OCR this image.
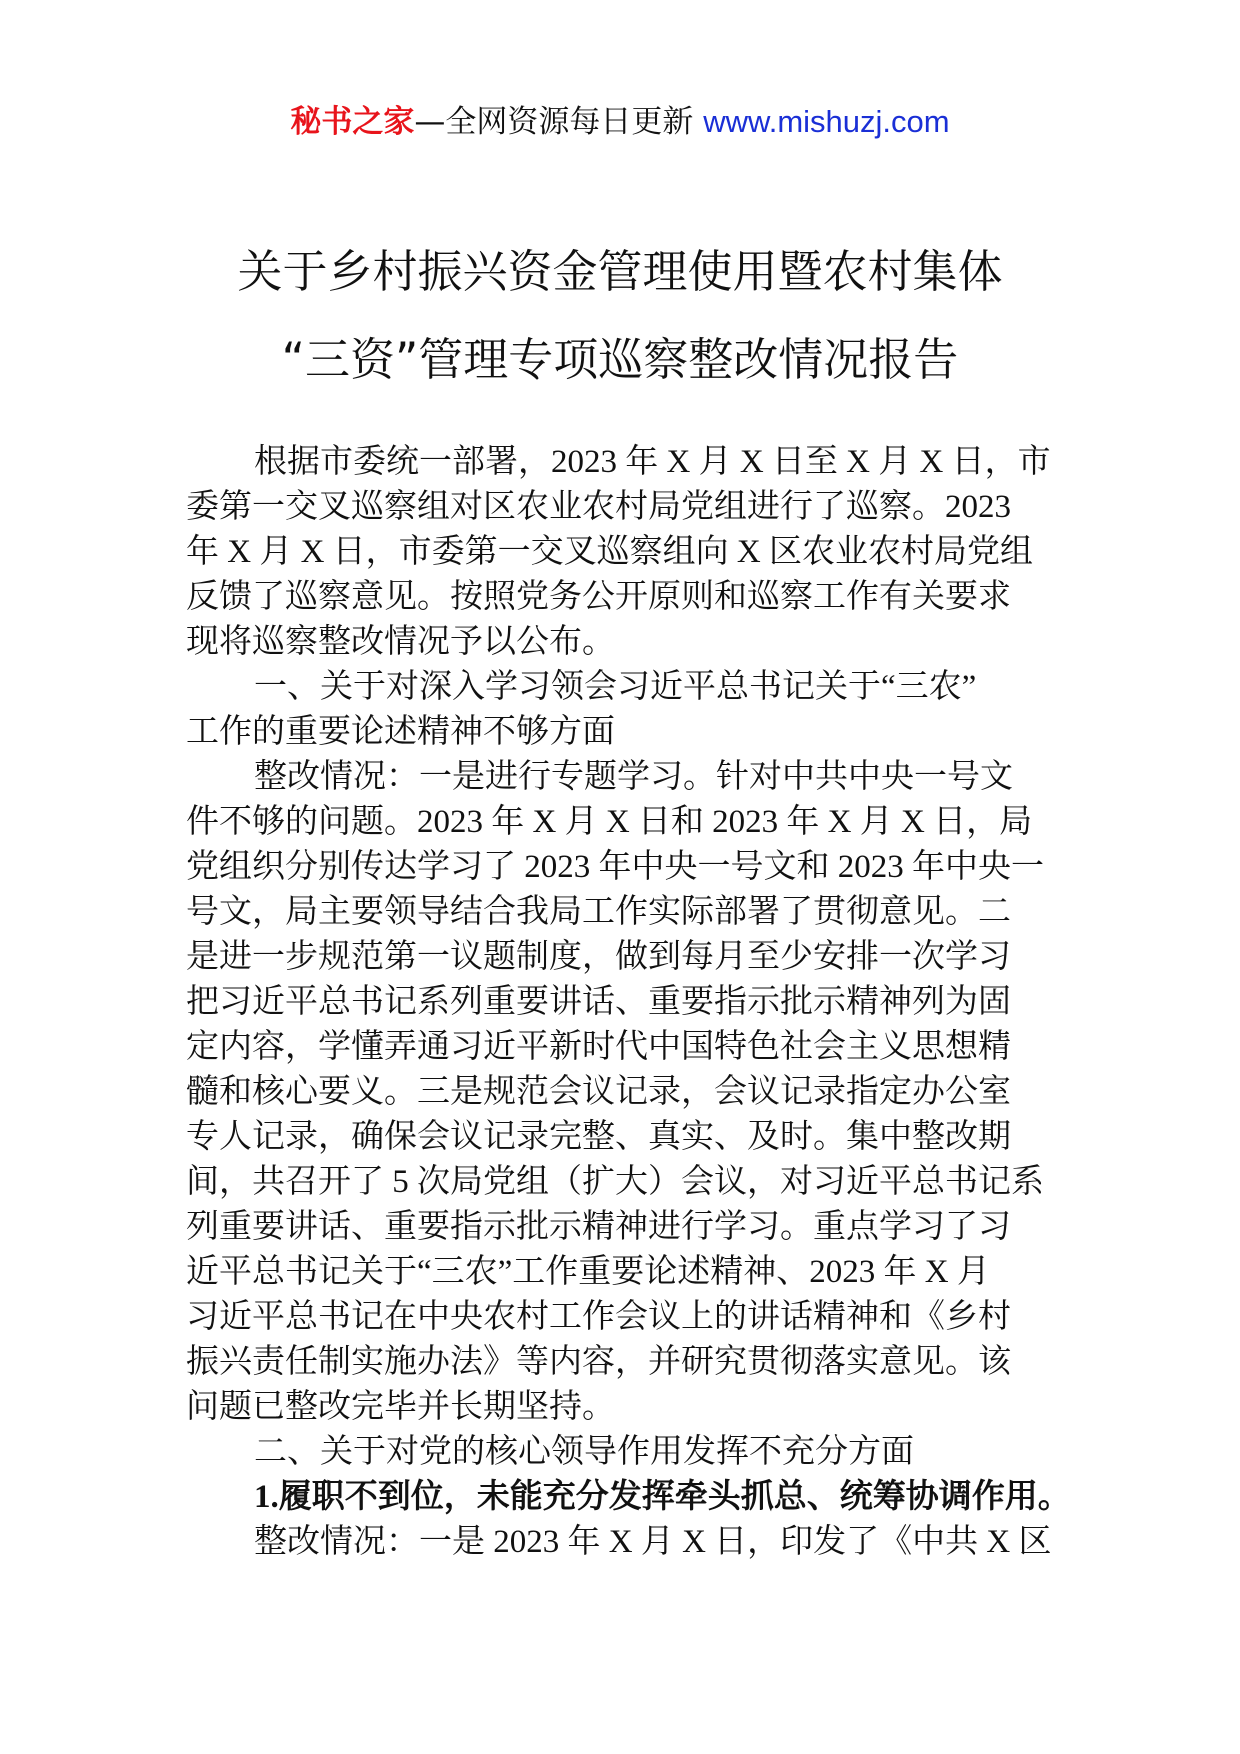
秘书之家—全网资源每日更新 www.mishuzj.com
关于乡村振兴资金管理使用暨农村集体
“三资”管理专项巡察整改情况报告
根据市委统一部署，2023 年 X 月 X 日至 X 月 X 日，市
委第一交叉巡察组对区农业农村局党组进行了巡察。2023
年 X 月 X 日，市委第一交叉巡察组向 X 区农业农村局党组
反馈了巡察意见。按照党务公开原则和巡察工作有关要求
现将巡察整改情况予以公布。
一、关于对深入学习领会习近平总书记关于“三农”
工作的重要论述精神不够方面
整改情况：一是进行专题学习。针对中共中央一号文
件不够的问题。2023 年 X 月 X 日和 2023 年 X 月 X 日，局
党组织分别传达学习了 2023 年中央一号文和 2023 年中央一
号文，局主要领导结合我局工作实际部署了贯彻意见。二
是进一步规范第一议题制度，做到每月至少安排一次学习
把习近平总书记系列重要讲话、重要指示批示精神列为固
定内容，学懂弄通习近平新时代中国特色社会主义思想精
髓和核心要义。三是规范会议记录，会议记录指定办公室
专人记录，确保会议记录完整、真实、及时。集中整改期
间，共召开了 5 次局党组（扩大）会议，对习近平总书记系
列重要讲话、重要指示批示精神进行学习。重点学习了习
近平总书记关于“三农”工作重要论述精神、2023 年 X 月
习近平总书记在中央农村工作会议上的讲话精神和《乡村
振兴责任制实施办法》等内容，并研究贯彻落实意见。该
问题已整改完毕并长期坚持。
二、关于对党的核心领导作用发挥不充分方面
1.履职不到位，未能充分发挥牵头抓总、统筹协调作用。
整改情况：一是 2023 年 X 月 X 日，印发了《中共 X 区
